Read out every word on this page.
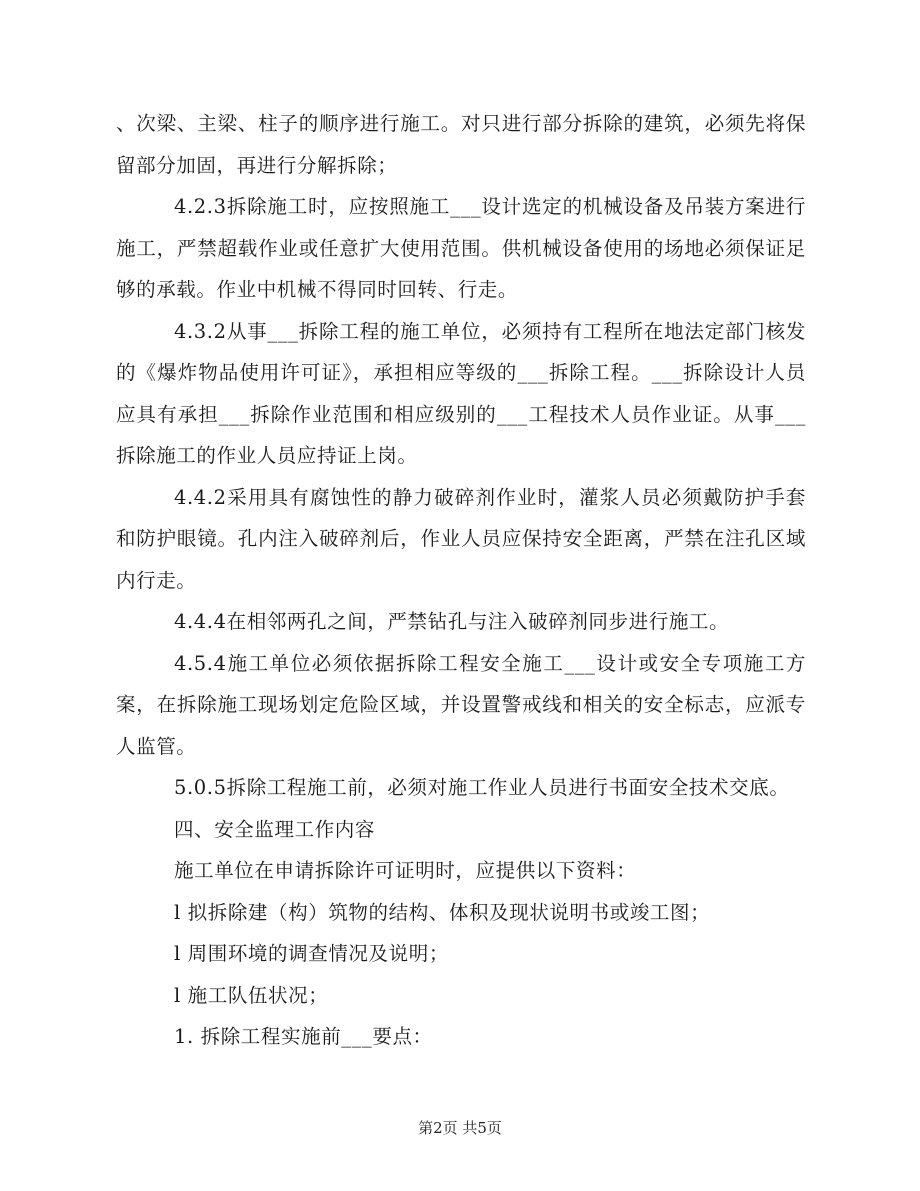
、次梁、主梁、柱子的顺序进行施工。对只进行部分拆除的建筑，必须先将保留部分加固，再进行分解拆除；

4.2.3拆除施工时，应按照施工___设计选定的机械设备及吊装方案进行施工，严禁超载作业或任意扩大使用范围。供机械设备使用的场地必须保证足够的承载。作业中机械不得同时回转、行走。

4.3.2从事___拆除工程的施工单位，必须持有工程所在地法定部门核发的《爆炸物品使用许可证》，承担相应等级的___拆除工程。___拆除设计人员应具有承担___拆除作业范围和相应级别的___工程技术人员作业证。从事___拆除施工的作业人员应持证上岗。

4.4.2采用具有腐蚀性的静力破碎剂作业时，灌浆人员必须戴防护手套和防护眼镜。孔内注入破碎剂后，作业人员应保持安全距离，严禁在注孔区域内行走。

4.4.4在相邻两孔之间，严禁钻孔与注入破碎剂同步进行施工。

4.5.4施工单位必须依据拆除工程安全施工___设计或安全专项施工方案，在拆除施工现场划定危险区域，并设置警戒线和相关的安全标志，应派专人监管。

5.0.5拆除工程施工前，必须对施工作业人员进行书面安全技术交底。

四、安全监理工作内容

施工单位在申请拆除许可证明时，应提供以下资料：

l 拟拆除建（构）筑物的结构、体积及现状说明书或竣工图；

l 周围环境的调查情况及说明；

l 施工队伍状况；

1. 拆除工程实施前___要点：

第2页 共5页
